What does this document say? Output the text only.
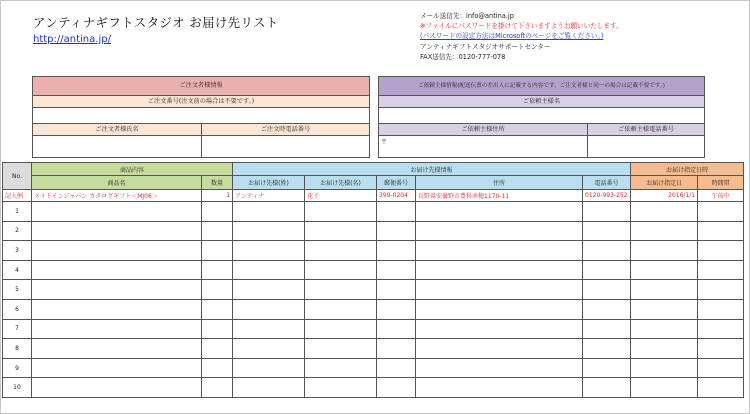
アンティナギフトスタジオ お届け先リスト
http://antina.jp/
メール送信先：info@antina.jp
※ファイルにパスワードを掛けて下さいますようお願いいたします。
(パスワードの設定方法はMicrosoftのページをご覧ください。)
アンティナギフトスタジオサポートセンター
FAX送信先：0120-777-078
ご注文者様情報
ご注文番号(注文前の場合は不要です。)
ご注文者様氏名	ご注文時電話番号
ご依頼主様情報(配送伝票の差出人に記載する内容です。ご注文者様と同一の場合は記載不要です。)
ご依頼主様名
ご依頼主様住所	ご依頼主様電話番号
〒
No.	商品内容		お届け先様情報					お届け指定日時	
	商品名	数量	お届け先様(姓)	お届け先様(名)	郵便番号	住所	電話番号	お届け指定日	時間帯
記入例	メイドインジャパン カタログギフト＜MJ06＞	1	アンティナ	花子	399-0204	長野県安曇野市豊科南穂1170-11	0120-993-252	2016/1/1	午前中
1									
2									
3									
4									
5									
6									
7									
8									
9									
10									
